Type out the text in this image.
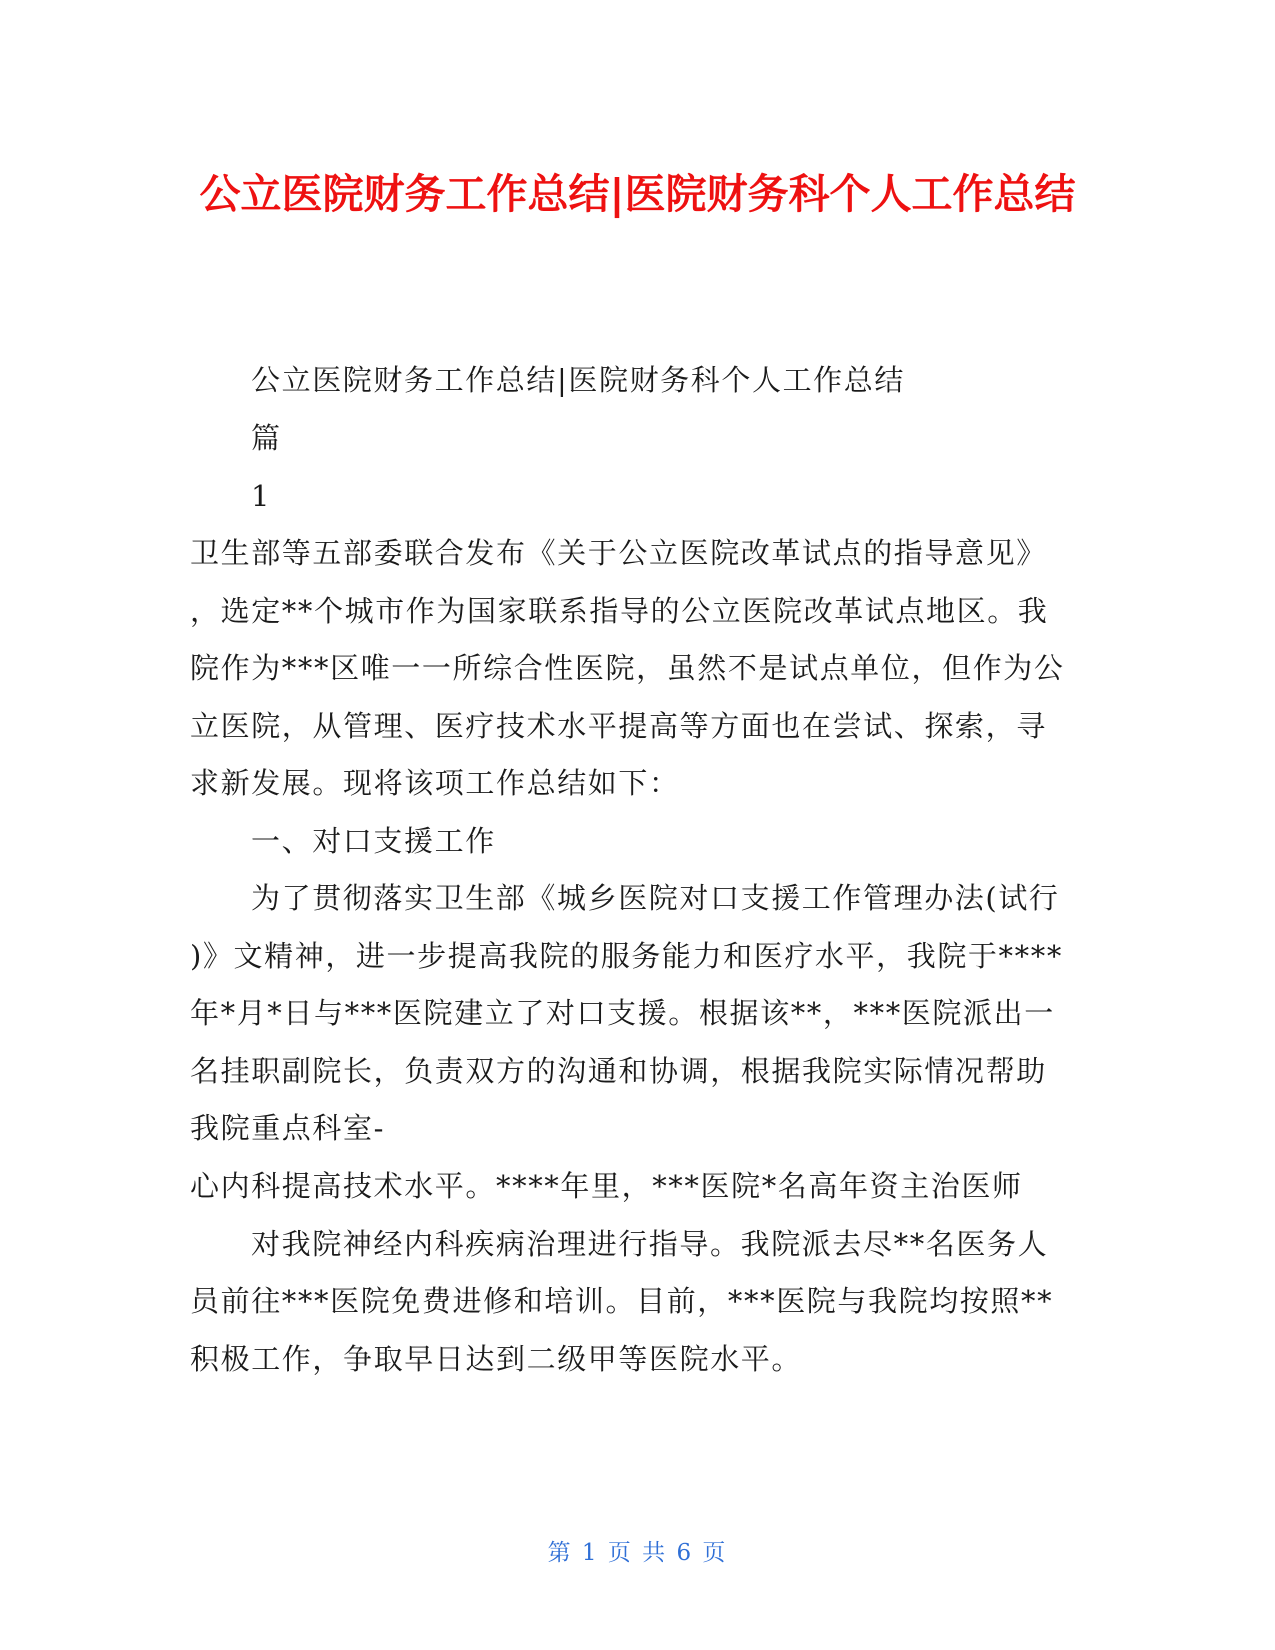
公立医院财务工作总结|医院财务科个人工作总结

公立医院财务工作总结|医院财务科个人工作总结

篇

1

卫生部等五部委联合发布《关于公立医院改革试点的指导意见》

，选定**个城市作为国家联系指导的公立医院改革试点地区。我

院作为***区唯一一所综合性医院，虽然不是试点单位，但作为公

立医院，从管理、医疗技术水平提高等方面也在尝试、探索，寻

求新发展。现将该项工作总结如下：

一、对口支援工作

为了贯彻落实卫生部《城乡医院对口支援工作管理办法(试行

)》文精神，进一步提高我院的服务能力和医疗水平，我院于****

年*月*日与***医院建立了对口支援。根据该**，***医院派出一

名挂职副院长，负责双方的沟通和协调，根据我院实际情况帮助

我院重点科室-

心内科提高技术水平。****年里，***医院*名高年资主治医师

对我院神经内科疾病治理进行指导。我院派去尽**名医务人

员前往***医院免费进修和培训。目前，***医院与我院均按照**

积极工作，争取早日达到二级甲等医院水平。

第 1 页 共 6 页
